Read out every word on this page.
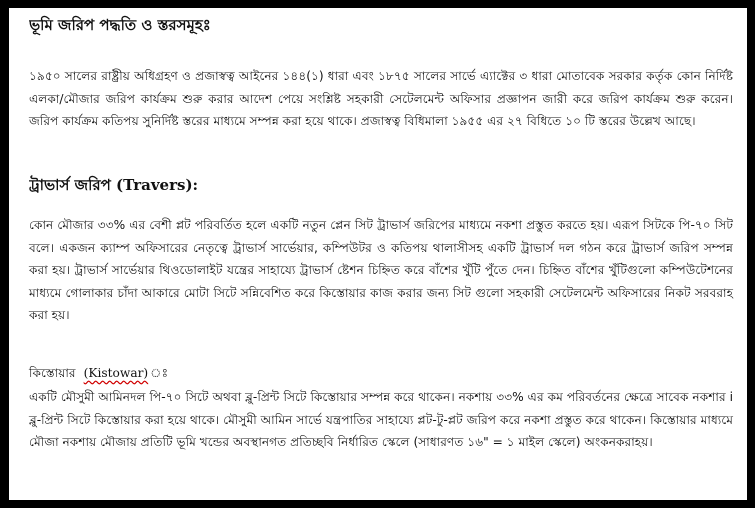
ভূমি জরিপ পদ্ধতি ও স্তরসমূহঃ

১৯৫০ সালের রাষ্ট্রীয় অধিগ্রহণ ও প্রজাস্বত্ব আইনের ১৪৪(১) ধারা এবং ১৮৭৫ সালের সার্ভে এ্যাক্টের ৩ ধারা মোতাবেক সরকার কর্তৃক কোন নির্দিষ্ট এলকা/মৌজার জরিপ কার্যক্রম শুরু করার আদেশ পেয়ে সংশ্লিষ্ট সহকারী সেটেলমেন্ট অফিসার প্রজ্ঞাপন জারী করে জরিপ কার্যক্রম শুরু করেন। জরিপ কার্যক্রম কতিপয় সুনির্দিষ্ট স্তরের মাধ্যমে সম্পন্ন করা হয়ে থাকে। প্রজাস্বত্ব বিধিমালা ১৯৫৫ এর ২৭ বিধিতে ১০ টি স্তরের উল্লেখ আছে।

ট্রাভার্স জরিপ (Travers):

কোন মৌজার ৩৩% এর বেশী প্লট পরিবর্তিত হলে একটি নতুন প্লেন সিট ট্রাভার্স জরিপের মাধ্যমে নকশা প্রস্তুত করতে হয়। এরূপ সিটকে পি-৭০ সিট বলে। একজন ক্যাম্প অফিসারের নেতৃত্বে ট্রাভার্স সার্ভেয়ার, কম্পিউটর ও কতিপয় থালাসীসহ একটি ট্রাভার্স দল গঠন করে ট্রাভার্স জরিপ সম্পন্ন করা হয়। ট্রাভার্স সার্ভেয়ার থিওডোলাইট যন্ত্রের সাহায্যে ট্রাভার্স ষ্টেশন চিহ্নিত করে বাঁশের খুঁটি পুঁতে দেন। চিহ্নিত বাঁশের খুঁটিগুলো কম্পিউটেশনের মাধ্যমে গোলাকার চাঁদা আকারে মোটা সিটে সন্নিবেশিত করে কিস্তোয়ার কাজ করার জন্য সিট গুলো সহকারী সেটেলমেন্ট অফিসারের নিকট সরবরাহ করা হয়।

কিস্তোয়ার (Kistowar) ঃ

একটি মৌসুমী আমিনদল পি-৭০ সিটে অথবা ব্লু-প্রিন্ট সিটে কিস্তোয়ার সম্পন্ন করে থাকেন। নকশায় ৩৩% এর কম পরিবর্তনের ক্ষেত্রে সাবেক নকশার i ব্লু-প্রিন্ট সিটে কিস্তোয়ার করা হয়ে থাকে। মৌসুমী আমিন সার্ভে যন্ত্রপাতির সাহায্যে প্লট-টু-প্লট জরিপ করে নকশা প্রস্তুত করে থাকেন। কিস্তোয়ার মাধ্যমে মৌজা নকশায় মৌজায় প্রতিটি ভূমি খন্ডের অবস্থানগত প্রতিচ্ছবি নির্ধারিত স্কেলে (সাধারণত ১৬" = ১ মাইল স্কেলে) অংকনকরাহয়।
